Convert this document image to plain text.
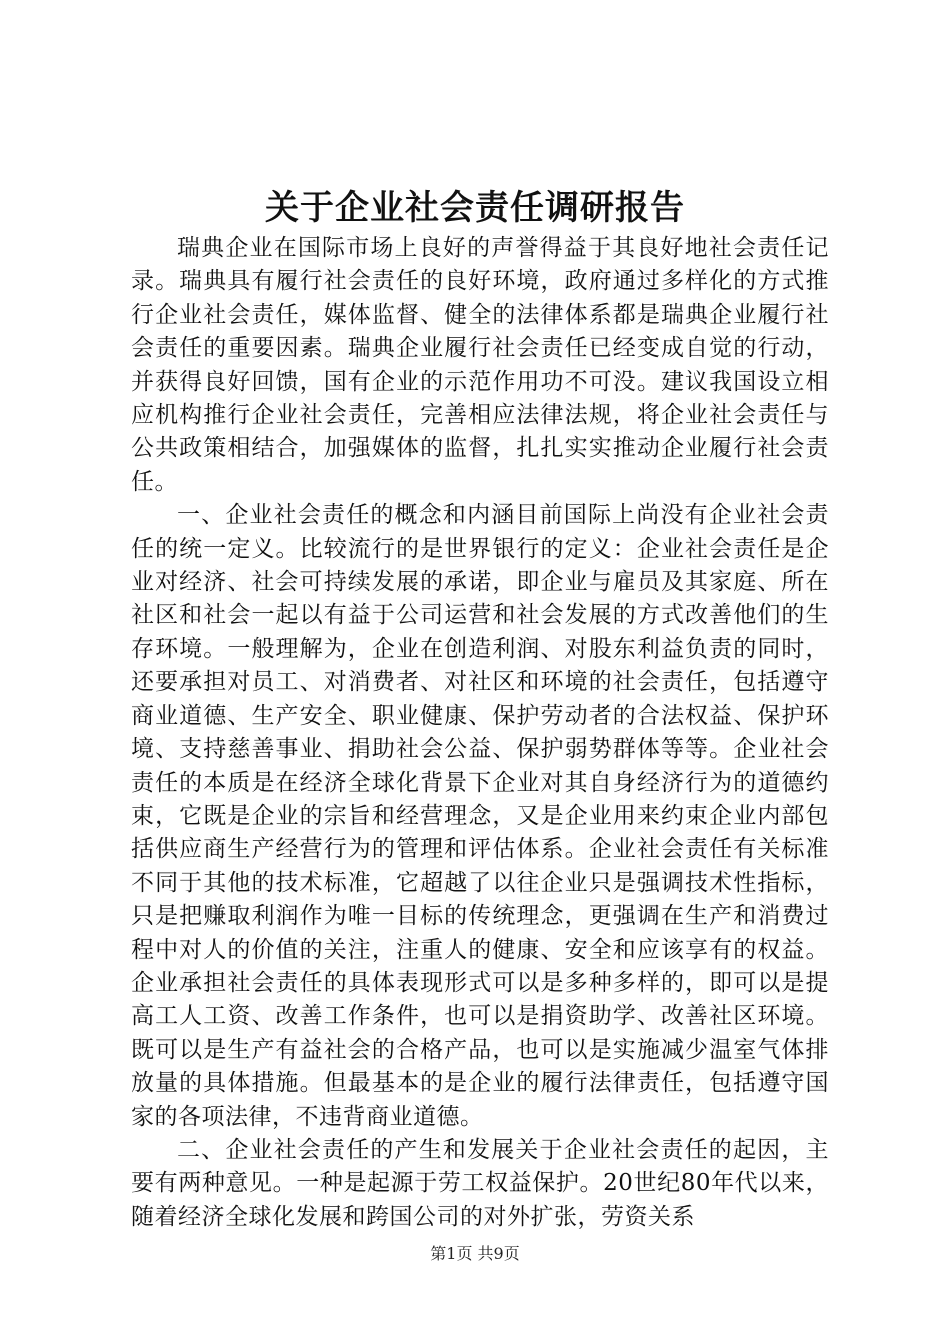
关于企业社会责任调研报告

瑞典企业在国际市场上良好的声誉得益于其良好地社会责任记录。瑞典具有履行社会责任的良好环境，政府通过多样化的方式推行企业社会责任，媒体监督、健全的法律体系都是瑞典企业履行社会责任的重要因素。瑞典企业履行社会责任已经变成自觉的行动，并获得良好回馈，国有企业的示范作用功不可没。建议我国设立相应机构推行企业社会责任，完善相应法律法规，将企业社会责任与公共政策相结合，加强媒体的监督，扎扎实实推动企业履行社会责任。

一、企业社会责任的概念和内涵目前国际上尚没有企业社会责任的统一定义。比较流行的是世界银行的定义：企业社会责任是企业对经济、社会可持续发展的承诺，即企业与雇员及其家庭、所在社区和社会一起以有益于公司运营和社会发展的方式改善他们的生存环境。一般理解为，企业在创造利润、对股东利益负责的同时，还要承担对员工、对消费者、对社区和环境的社会责任，包括遵守商业道德、生产安全、职业健康、保护劳动者的合法权益、保护环境、支持慈善事业、捐助社会公益、保护弱势群体等等。企业社会责任的本质是在经济全球化背景下企业对其自身经济行为的道德约束，它既是企业的宗旨和经营理念，又是企业用来约束企业内部包括供应商生产经营行为的管理和评估体系。企业社会责任有关标准不同于其他的技术标准，它超越了以往企业只是强调技术性指标，只是把赚取利润作为唯一目标的传统理念，更强调在生产和消费过程中对人的价值的关注，注重人的健康、安全和应该享有的权益。企业承担社会责任的具体表现形式可以是多种多样的，即可以是提高工人工资、改善工作条件，也可以是捐资助学、改善社区环境。既可以是生产有益社会的合格产品，也可以是实施减少温室气体排放量的具体措施。但最基本的是企业的履行法律责任，包括遵守国家的各项法律，不违背商业道德。

二、企业社会责任的产生和发展关于企业社会责任的起因，主要有两种意见。一种是起源于劳工权益保护。20世纪80年代以来，随着经济全球化发展和跨国公司的对外扩张，劳资关系

第1页 共9页
